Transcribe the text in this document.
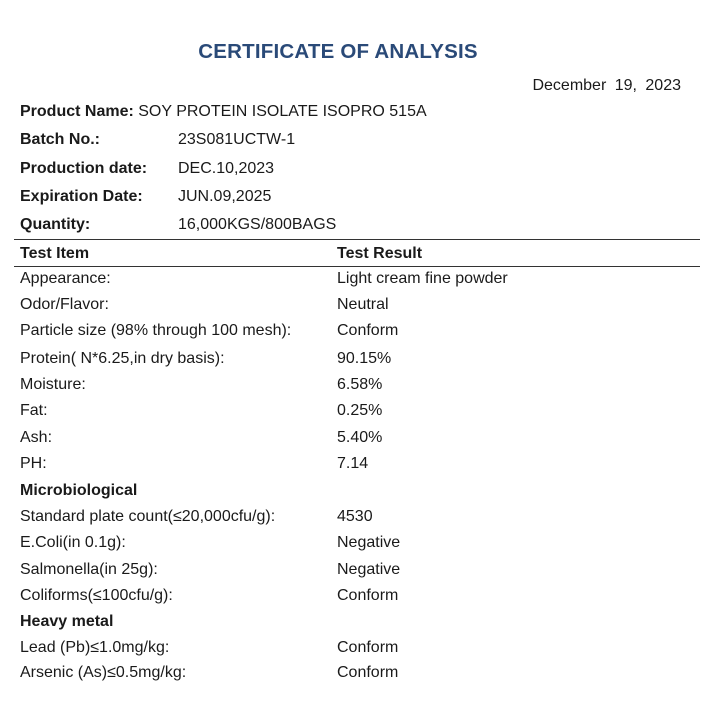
CERTIFICATE OF ANALYSIS
December 19, 2023
Product Name: SOY PROTEIN ISOLATE ISOPRO 515A
Batch No.:	23S081UCTW-1
Production date: DEC.10,2023
Expiration Date: JUN.09,2025
Quantity:	16,000KGS/800BAGS
Test Item	Test Result
Appearance:	Light cream fine powder
Odor/Flavor:	Neutral
Particle size (98% through 100 mesh):	Conform
Protein( N*6.25,in dry basis):	90.15%
Moisture:	6.58%
Fat:	0.25%
Ash:	5.40%
PH:	7.14
Microbiological
Standard plate count(≤20,000cfu/g):	4530
E.Coli(in 0.1g):	Negative
Salmonella(in 25g):	Negative
Coliforms(≤100cfu/g):	Conform
Heavy metal
Lead (Pb)≤1.0mg/kg:	Conform
Arsenic (As)≤0.5mg/kg:	Conform
